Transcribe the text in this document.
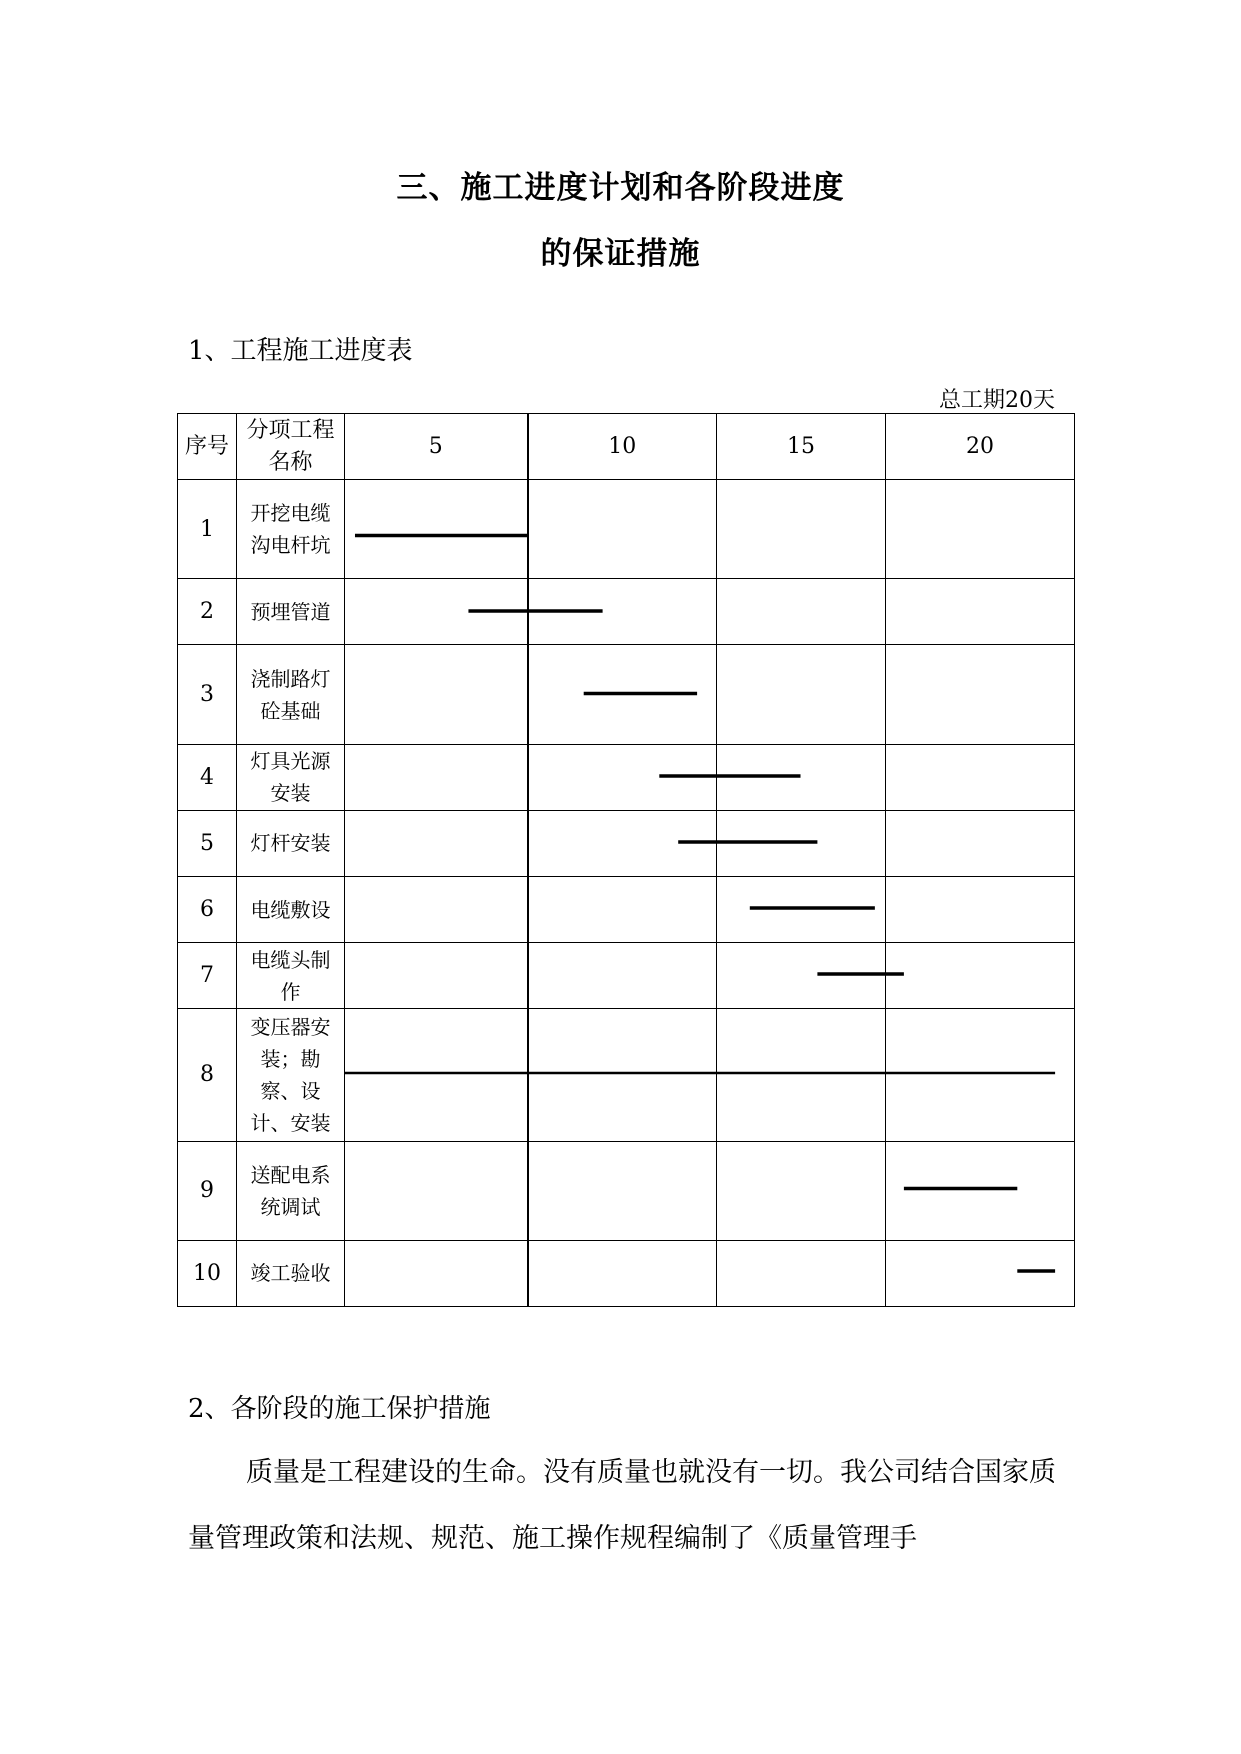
三、施工进度计划和各阶段进度
的保证措施
1、工程施工进度表
总工期20天
序号	分项工程名称	5	10	15	20
1	开挖电缆沟电杆坑				
2	预埋管道				
3	浇制路灯砼基础				
4	灯具光源安装				
5	灯杆安装				
6	电缆敷设				
7	电缆头制作				
8	变压器安装；勘察、设计、安装				
9	送配电系统调试				
10	竣工验收				
2、各阶段的施工保护措施
质量是工程建设的生命。没有质量也就没有一切。我公司结合国家质量管理政策和法规、规范、施工操作规程编制了《质量管理手
